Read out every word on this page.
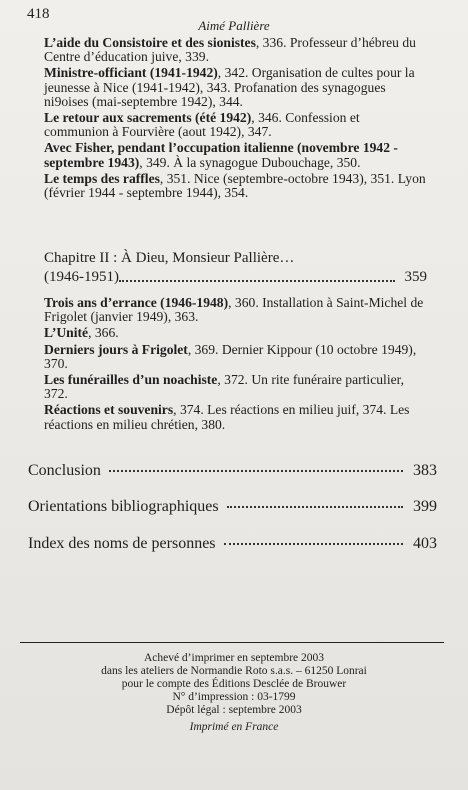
418
Aimé Pallière

L’aide du Consistoire et des sionistes, 336. Professeur d’hébreu du Centre d’éducation juive, 339.

Ministre-officiant (1941-1942), 342. Organisation de cultes pour la jeunesse à Nice (1941-1942), 343. Profanation des synagogues ni9oises (mai-septembre 1942), 344.

Le retour aux sacrements (été 1942), 346. Confession et communion à Fourvière (aout 1942), 347.

Avec Fisher, pendant l’occupation italienne (novembre 1942 - septembre 1943), 349. À la synagogue Dubouchage, 350.

Le temps des raffles, 351. Nice (septembre-octobre 1943), 351. Lyon (février 1944 - septembre 1944), 354.

Chapitre II : À Dieu, Monsieur Pallière…
(1946-1951)	359

Trois ans d’errance (1946-1948), 360. Installation à Saint-Michel de Frigolet (janvier 1949), 363.

L’Unité, 366.

Derniers jours à Frigolet, 369. Dernier Kippour (10 octobre 1949), 370.

Les funérailles d’un noachiste, 372. Un rite funéraire particulier, 372.

Réactions et souvenirs, 374. Les réactions en milieu juif, 374. Les réactions en milieu chrétien, 380.

Conclusion	383
Orientations bibliographiques	399
Index des noms de personnes	403
Achevé d’imprimer en septembre 2003
dans les ateliers de Normandie Roto s.a.s. – 61250 Lonrai
pour le compte des Éditions Desclée de Brouwer
N° d’impression : 03-1799
Dépôt légal : septembre 2003
Imprimé en France
